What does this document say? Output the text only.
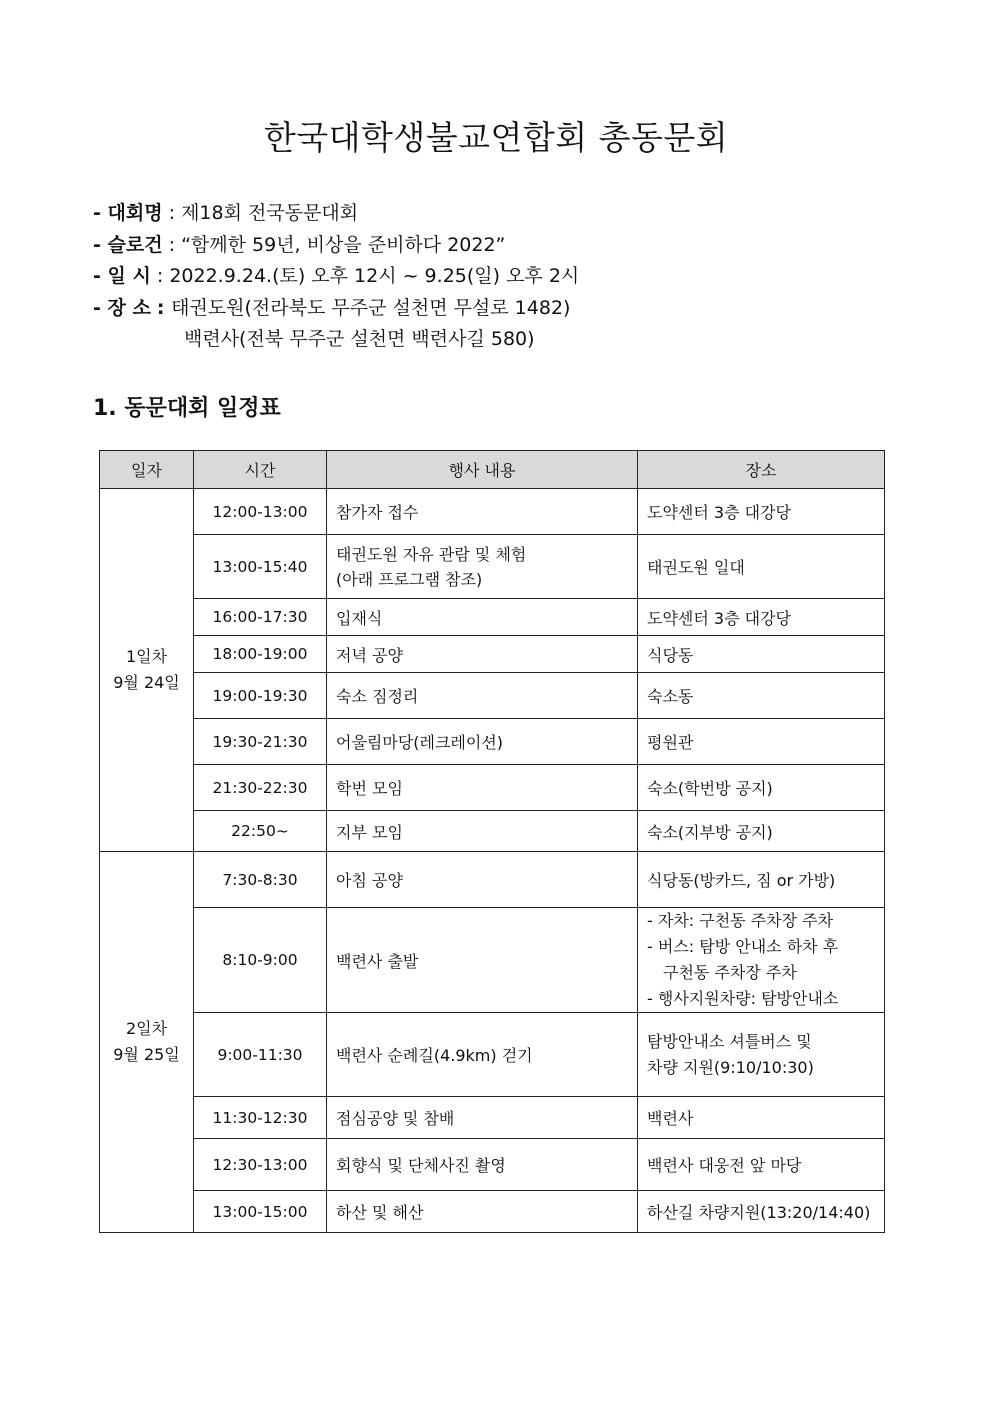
한국대학생불교연합회 총동문회
- 대회명 : 제18회 전국동문대회
- 슬로건 : “함께한 59년, 비상을 준비하다 2022”
- 일 시 : 2022.9.24.(토) 오후 12시 ~ 9.25(일) 오후 2시
- 장 소 : 태권도원(전라북도 무주군 설천면 무설로 1482)
백련사(전북 무주군 설천면 백련사길 580)
1. 동문대회 일정표
일자	시간	행사 내용	장소

1일차
9월 24일	12:00-13:00	참가자 접수	도약센터 3층 대강당
	13:00-15:40	태권도원 자유 관람 및 체험
(아래 프로그램 참조)	태권도원 일대
	16:00-17:30	입재식	도약센터 3층 대강당
	18:00-19:00	저녁 공양	식당동
	19:00-19:30	숙소 짐정리	숙소동
	19:30-21:30	어울림마당(레크레이션)	평원관
	21:30-22:30	학번 모임	숙소(학번방 공지)
	22:50~	지부 모임	숙소(지부방 공지)

2일차
9월 25일	7:30-8:30	아침 공양	식당동(방카드, 짐 or 가방)
	8:10-9:00	백련사 출발	- 자차: 구천동 주차장 주차
- 버스: 탐방 안내소 하차 후
구천동 주차장 주차
- 행사지원차량: 탐방안내소

	9:00-11:30	백련사 순례길(4.9km) 걷기	탐방안내소 셔틀버스 및
차량 지원(9:10/10:30)

	11:30-12:30	점심공양 및 참배	백련사
	12:30-13:00	회향식 및 단체사진 촬영	백련사 대웅전 앞 마당
	13:00-15:00	하산 및 해산	하산길 차량지원(13:20/14:40)
